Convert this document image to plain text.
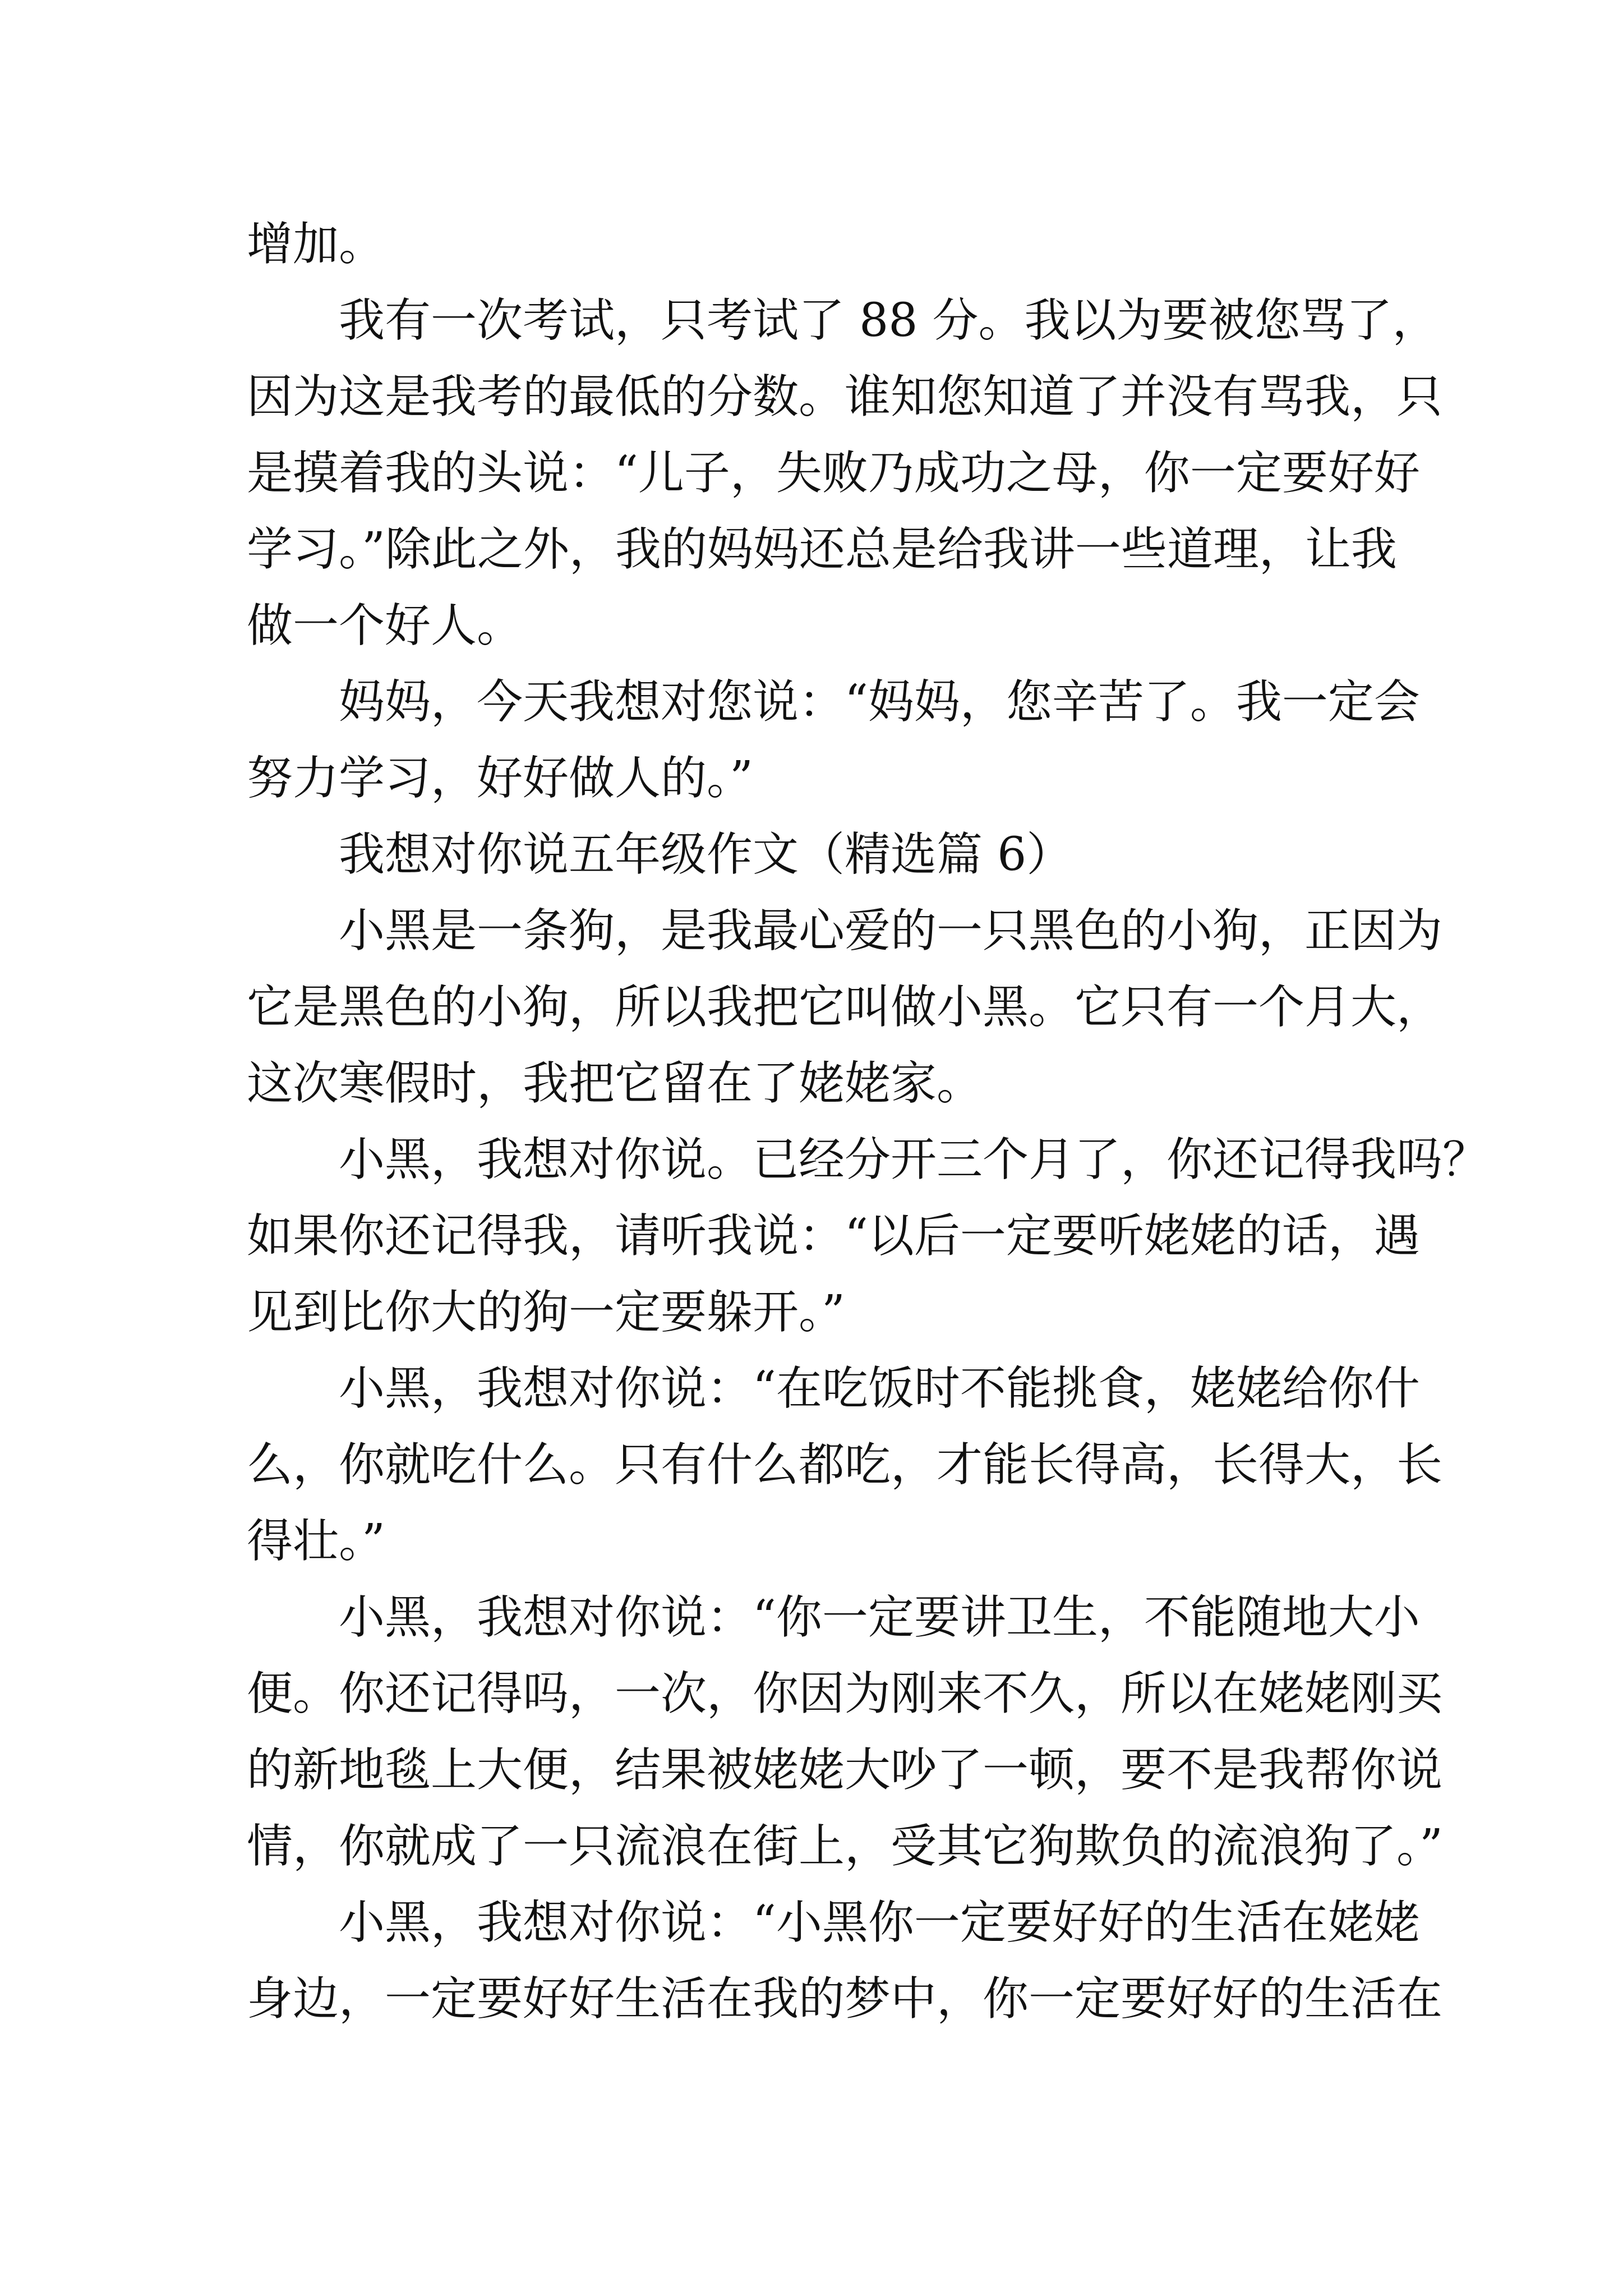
增加。

我有一次考试，只考试了 88 分。我以为要被您骂了，

因为这是我考的最低的分数。谁知您知道了并没有骂我，只

是摸着我的头说：“儿子，失败乃成功之母，你一定要好好

学习。”除此之外，我的妈妈还总是给我讲一些道理，让我

做一个好人。

妈妈，今天我想对您说：“妈妈，您辛苦了。我一定会

努力学习，好好做人的。”

我想对你说五年级作文（精选篇 6）

小黑是一条狗，是我最心爱的一只黑色的小狗，正因为

它是黑色的小狗，所以我把它叫做小黑。它只有一个月大，

这次寒假时，我把它留在了姥姥家。

小黑，我想对你说。已经分开三个月了，你还记得我吗？

如果你还记得我，请听我说：“以后一定要听姥姥的话，遇

见到比你大的狗一定要躲开。”

小黑，我想对你说：“在吃饭时不能挑食，姥姥给你什

么，你就吃什么。只有什么都吃，才能长得高，长得大，长

得壮。”

小黑，我想对你说：“你一定要讲卫生，不能随地大小

便。你还记得吗，一次，你因为刚来不久，所以在姥姥刚买

的新地毯上大便，结果被姥姥大吵了一顿，要不是我帮你说

情，你就成了一只流浪在街上，受其它狗欺负的流浪狗了。”

小黑，我想对你说：“小黑你一定要好好的生活在姥姥

身边，一定要好好生活在我的梦中，你一定要好好的生活在
